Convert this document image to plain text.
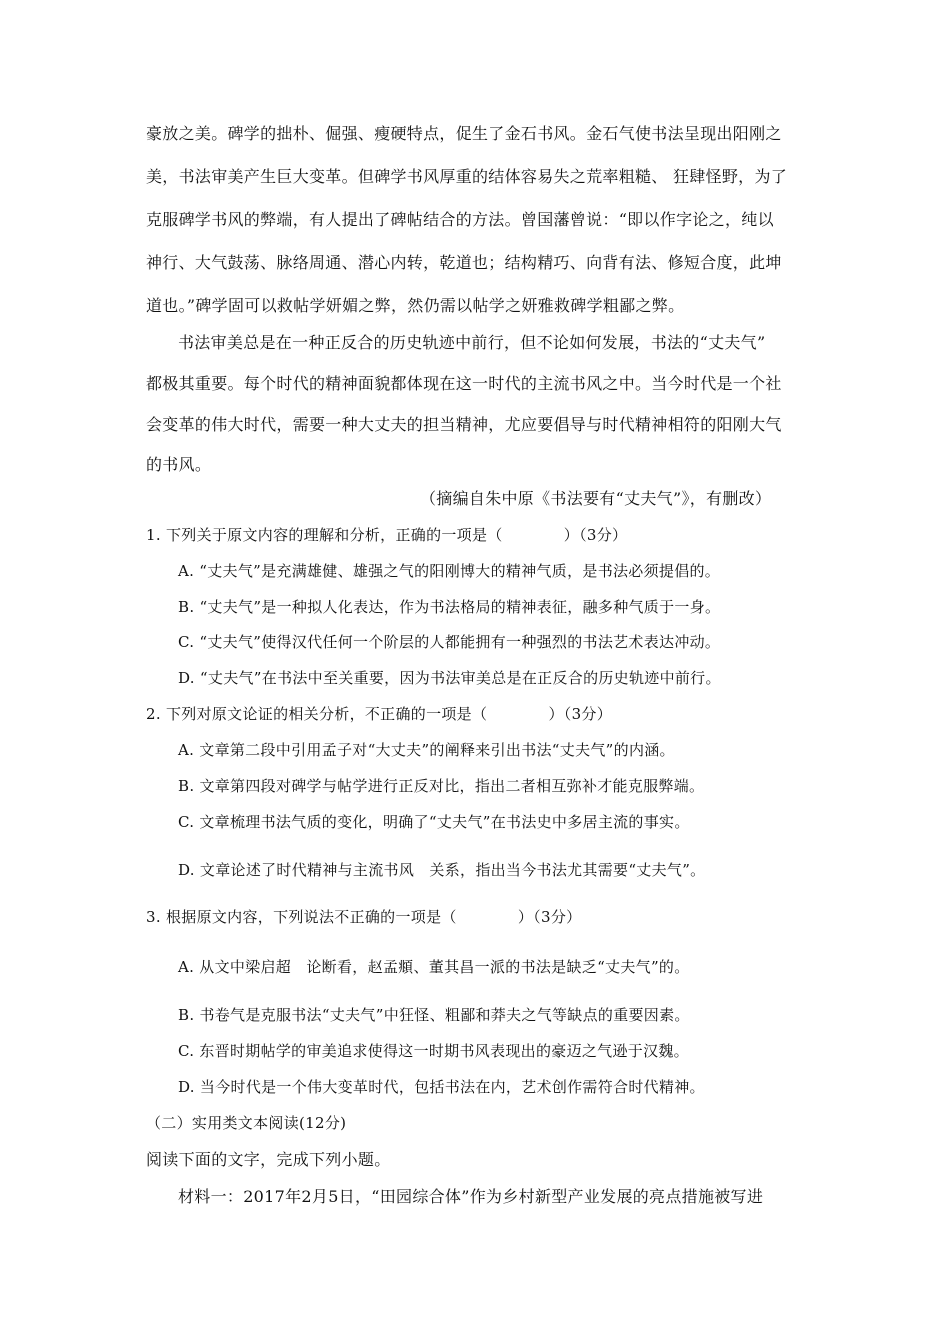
豪放之美。碑学的拙朴、倔强、瘦硬特点，促生了金石书风。金石气使书法呈现出阳刚之
美，书法审美产生巨大变革。但碑学书风厚重的结体容易失之荒率粗糙、 狂肆怪野，为了
克服碑学书风的弊端，有人提出了碑帖结合的方法。曾国藩曾说：“即以作字论之，纯以
神行、大气鼓荡、脉络周通、潜心内转，乾道也；结构精巧、向背有法、修短合度，此坤
道也。”碑学固可以救帖学妍媚之弊，然仍需以帖学之妍雅救碑学粗鄙之弊。
书法审美总是在一种正反合的历史轨迹中前行，但不论如何发展，书法的“丈夫气”
都极其重要。每个时代的精神面貌都体现在这一时代的主流书风之中。当今时代是一个社
会变革的伟大时代，需要一种大丈夫的担当精神，尤应要倡导与时代精神相符的阳刚大气
的书风。
（摘编自朱中原《书法要有“丈夫气”》，有删改）
1. 下列关于原文内容的理解和分析，正确的一项是（　　　　）（3分）
A. “丈夫气”是充满雄健、雄强之气的阳刚博大的精神气质，是书法必须提倡的。
B. “丈夫气”是一种拟人化表达，作为书法格局的精神表征，融多种气质于一身。
C. “丈夫气”使得汉代任何一个阶层的人都能拥有一种强烈的书法艺术表达冲动。
D. “丈夫气”在书法中至关重要，因为书法审美总是在正反合的历史轨迹中前行。
2. 下列对原文论证的相关分析，不正确的一项是（　　　　）（3分）
A. 文章第二段中引用孟子对“大丈夫”的阐释来引出书法“丈夫气”的内涵。
B. 文章第四段对碑学与帖学进行正反对比，指出二者相互弥补才能克服弊端。
C. 文章梳理书法气质的变化，明确了“丈夫气”在书法史中多居主流的事实。
D. 文章论述了时代精神与主流书风　关系，指出当今书法尤其需要“丈夫气”。
3. 根据原文内容，下列说法不正确的一项是（　　　　）（3分）
A. 从文中梁启超　论断看，赵孟頫、董其昌一派的书法是缺乏“丈夫气”的。
B. 书卷气是克服书法“丈夫气”中狂怪、粗鄙和莽夫之气等缺点的重要因素。
C. 东晋时期帖学的审美追求使得这一时期书风表现出的豪迈之气逊于汉魏。
D. 当今时代是一个伟大变革时代，包括书法在内，艺术创作需符合时代精神。
（二）实用类文本阅读(12分)
阅读下面的文字，完成下列小题。
材料一：2017年2月5日，“田园综合体”作为乡村新型产业发展的亮点措施被写进
